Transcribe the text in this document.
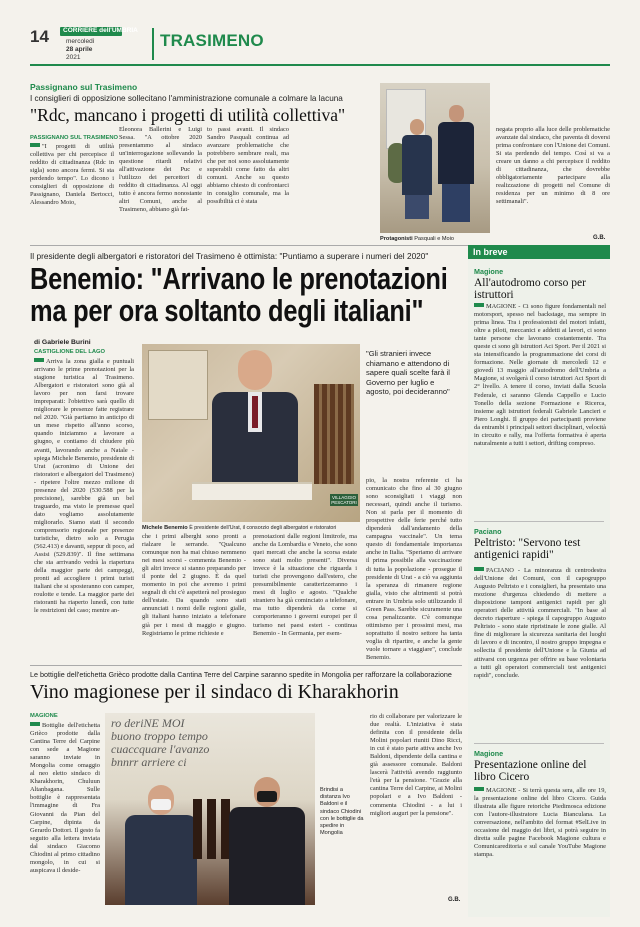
14 CORRIERE dell'UMBRIA
mercoledì
28 aprile
2021
TRASIMENO
Passignano sul Trasimeno
I consiglieri di opposizione sollecitano l'amministrazione comunale a colmare la lacuna
"Rdc, mancano i progetti di utilità collettiva"
PASSIGNANO SUL TRASIMENO
"I progetti di utilità collettiva per chi percepisce il reddito di cittadinanza (Rdc in sigla) sono ancora fermi. Si sta perdendo tempo". Lo dicono i consiglieri di opposizione di Passignano, Daniela Bertocci, Alessandro Moio,
Eleonora Ballerini e Luigi Sessa. "A ottobre 2020 presentammo al sindaco un'interrogazione sollevando la questione ritardi relativi all'attivazione dei Puc e l'utilizzo dei percettori di reddito di cittadinanza. Al oggi tutto è ancora fermo nonostante altri Comuni, anche al Trasimeno, abbiano già fat-
to passi avanti. Il sindaco Sandro Pasquali continua ad avanzare problematiche che potrebbero sembrare reali, ma che per noi sono assolutamente superabili come fatto da altri comuni. Anche su questo abbiamo chiesto di confrontarci in consiglio comunale, ma la possibilità ci è stata
Protagonisti Pasquali e Moio
negata proprio alla luce delle problematiche avanzate dal sindaco, che paventa di doversi prima confrontare con l'Unione dei Comuni. Si sta perdendo del tempo. Così si va a creare un danno a chi percepisce il reddito di cittadinanza, che dovrebbe obbligatoriamente partecipare alla realizzazione di progetti nel Comune di residenza per un minimo di 8 ore settimanali".
G.B.
Il presidente degli albergatori e ristoratori del Trasimeno è ottimista: "Puntiamo a superare i numeri del 2020"
Benemio: "Arrivano le prenotazioni
ma per ora soltanto degli italiani"
di Gabriele Burini
CASTIGLIONE DEL LAGO
Arriva la zona gialla e puntuali arrivano le prime prenotazioni per la stagione turistica al Trasimeno. Albergatori e ristoratori sono già al lavoro per non farsi trovare impreparati: l'obiettivo sarà quello di migliorare le presenze fatte registrare nel 2020. "Già partiamo in anticipo di un mese rispetto all'anno scorso, quando iniziammo a lavorare a giugno, e contiamo di chiudere più avanti, lavorando anche a Natale - spiega Michele Benemio, presidente di Urat (acronimo di Unione dei ristoratori e albergatori del Trasimeno) - ripetere l'oltre mezzo milione di presenze del 2020 (530.588 per la precisione), sarebbe già un bel traguardo, ma visto le premesse quel dato vogliamo assolutamente migliorarlo. Siamo stati il secondo comprensorio regionale per presenze turistiche, dietro solo a Perugia (562.413) e davanti, seppur di poco, ad Assisi (529.839)". Il fine settimana che sta arrivando vedrà la riapertura della maggior parte dei campeggi, pronti ad accogliere i primi turisti italiani che si sposteranno con camper, roulotte e tende. La maggior parte dei ristoranti ha riaperto lunedì, con tutte le restrizioni del caso; mentre an-
VILLAGGIO PESCATORI
Michele Benemio È presidente dell'Urat, il consorzio degli albergatori e ristoratori
"Gli stranieri invece chiamano e attendono di sapere quali scelte farà il Governo per luglio e agosto, poi decideranno"
che i primi alberghi sono pronti a rialzare le serrande. "Qualcuno comunque non ha mai chiuso nemmeno nei mesi scorsi - commenta Benemio - gli altri invece si stanno preparando per il ponte del 2 giugno. È da quel momento in poi che avremo i primi segnali di chi c'è aspetterà nel prosieguo dell'estate. Da quando sono stati annunciati i nomi delle regioni gialle, gli italiani hanno iniziato a telefonare già per i mesi di maggio e giugno. Registriamo le prime richieste e
prenotazioni dalle regioni limitrofe, ma anche da Lombardia e Veneto, che sono quei mercati che anche la scorsa estate sono stati molto presenti". Diversa invece è la situazione che riguarda i turisti che provengono dall'estero, che presumibilmente caratterizzeranno i mesi di luglio e agosto. "Qualche straniero ha già cominciato a telefonare, ma tutto dipenderà da come si comporteranno i governi europei per il turismo nei paesi esteri - continua Benemio - In Germania, per esem-
pio, la nostra referente ci ha comunicato che fino al 30 giugno sono sconsigliati i viaggi non necessari, quindi anche il turismo. Non si parla per il momento di prospettive delle ferie perché tutto dipenderà dall'andamento della campagna vaccinale". Un tema questo di fondamentale importanza anche in Italia. "Speriamo di arrivare il prima possibile alla vaccinazione di tutta la popolazione - prosegue il presidente di Urat - a ciò va aggiunta la speranza di rimanere regione gialla, visto che altrimenti si potrà entrare in Umbria solo utilizzando il Green Pass. Sarebbe sicuramente una cosa penalizzante. C'è comunque ottimismo per i prossimi mesi, ma soprattutto il nostro settore ha tanta voglia di ripartire, e anche la gente vuole tornare a viaggiare", conclude Benemio.
Le bottiglie dell'etichetta Grièco prodotte dalla Cantina Terre del Carpine saranno spedite in Mongolia per rafforzare la collaborazione
Vino magionese per il sindaco di Kharakhorin
MAGIONE
Bottiglie dell'etichetta Grièco prodotte dalla Cantina Terre del Carpine con sede a Magione saranno inviate in Mongolia come omaggio al neo eletto sindaco di Kharakhorin, Chuluun Altanbagana. Sulle bottiglie è rappresentata l'immagine di Fra Giovanni da Pian del Carpine, dipinta da Gerardo Dottori. Il gesto fa seguito alla lettera inviata dal sindaco Giacomo Chiodini al primo cittadino mongolo, in cui si auspicava il deside-
ro deriNE MOI
buono troppo tempo
cuaccquare l'avanzo
bnnrr arriere ci
Brindisi a distanza Ivo Baldoni e il sindaco Chiodini con le bottiglie da spedire in Mongolia
rio di collaborare per valorizzare le due realtà. L'iniziativa è stata definita con il presidente della Molini popolari riuniti Dino Ricci, in cui è stato parte attiva anche Ivo Baldoni, dipendente della cantina e già assessore comunale. Baldoni lascerà l'attività avendo raggiunto l'età per la pensione. "Grazie alla cantina Terre del Carpine, ai Molini popolari e a Ivo Baldoni - commenta Chiodini - a lui i migliori auguri per la pensione".
G.B.
In breve
Magione
All'autodromo corso per istruttori
MAGIONE - Ci sono figure fondamentali nel motorsport, spesso nel backstage, ma sempre in prima linea. Tra i professionisti del motori infatti, oltre a piloti, meccanici e addetti ai lavori, ci sono tante persone che lavorano costantemente. Tra queste ci sono gli istruttori Aci Sport. Per il 2021 si sta intensificando la programmazione dei corsi di formazione. Nelle giornate di mercoledì 12 e giovedì 13 maggio all'autodromo dell'Umbria a Magione, si svolgerà il corso istruttori Aci Sport di 2° livello. A tenere il corso, inviati dalla Scuola Federale, ci saranno Glenda Cappello e Lucio Tonello della sezione Formazione e Ricerca, insieme agli istruttori federali Gabriele Lancieri e Piero Longhi. Il gruppo dei partecipanti proviene da entrambi i principali settori disciplinari, velocità in circuito e rally, ma l'offerta formativa è aperta naturalmente a tutti i settori, drifting compreso.
Paciano
Peltristo: "Servono test antigenici rapidi"
PACIANO - La minoranza di centrodestra dell'Unione dei Comuni, con il capogruppo Augusto Peltristo e i consiglieri, ha presentato una mozione d'urgenza chiedendo di mettere a disposizione tamponi antigenici rapidi per gli operatori delle attività commerciali. "In base al decreto riaperture - spiega il capogruppo Augusto Peltristo - sono state ripristinate le zone gialle. Al fine di migliorare la sicurezza sanitaria dei luoghi di lavoro e di incontro, il nostro gruppo impegna e sollecita il presidente dell'Unione e la Giunta ad attivarsi con urgenza per offrire su base volontaria a tutti gli operatori commerciali test antigenici rapidi", conclude.
Magione
Presentazione online del libro Cicero
MAGIONE - Si terrà questa sera, alle ore 19, la presentazione online del libro Cicero. Guida illustrata alle figure retoriche Piedimosca edizione con l'autore-illustratore Lucia Bianculana. La conversazione, nell'ambito del format #SelLive in occasione del maggio dei libri, si potrà seguire in diretta sulle pagine Facebook Magione cultura e Comunicareditoria e sul canale YouTube Magione stampa.
